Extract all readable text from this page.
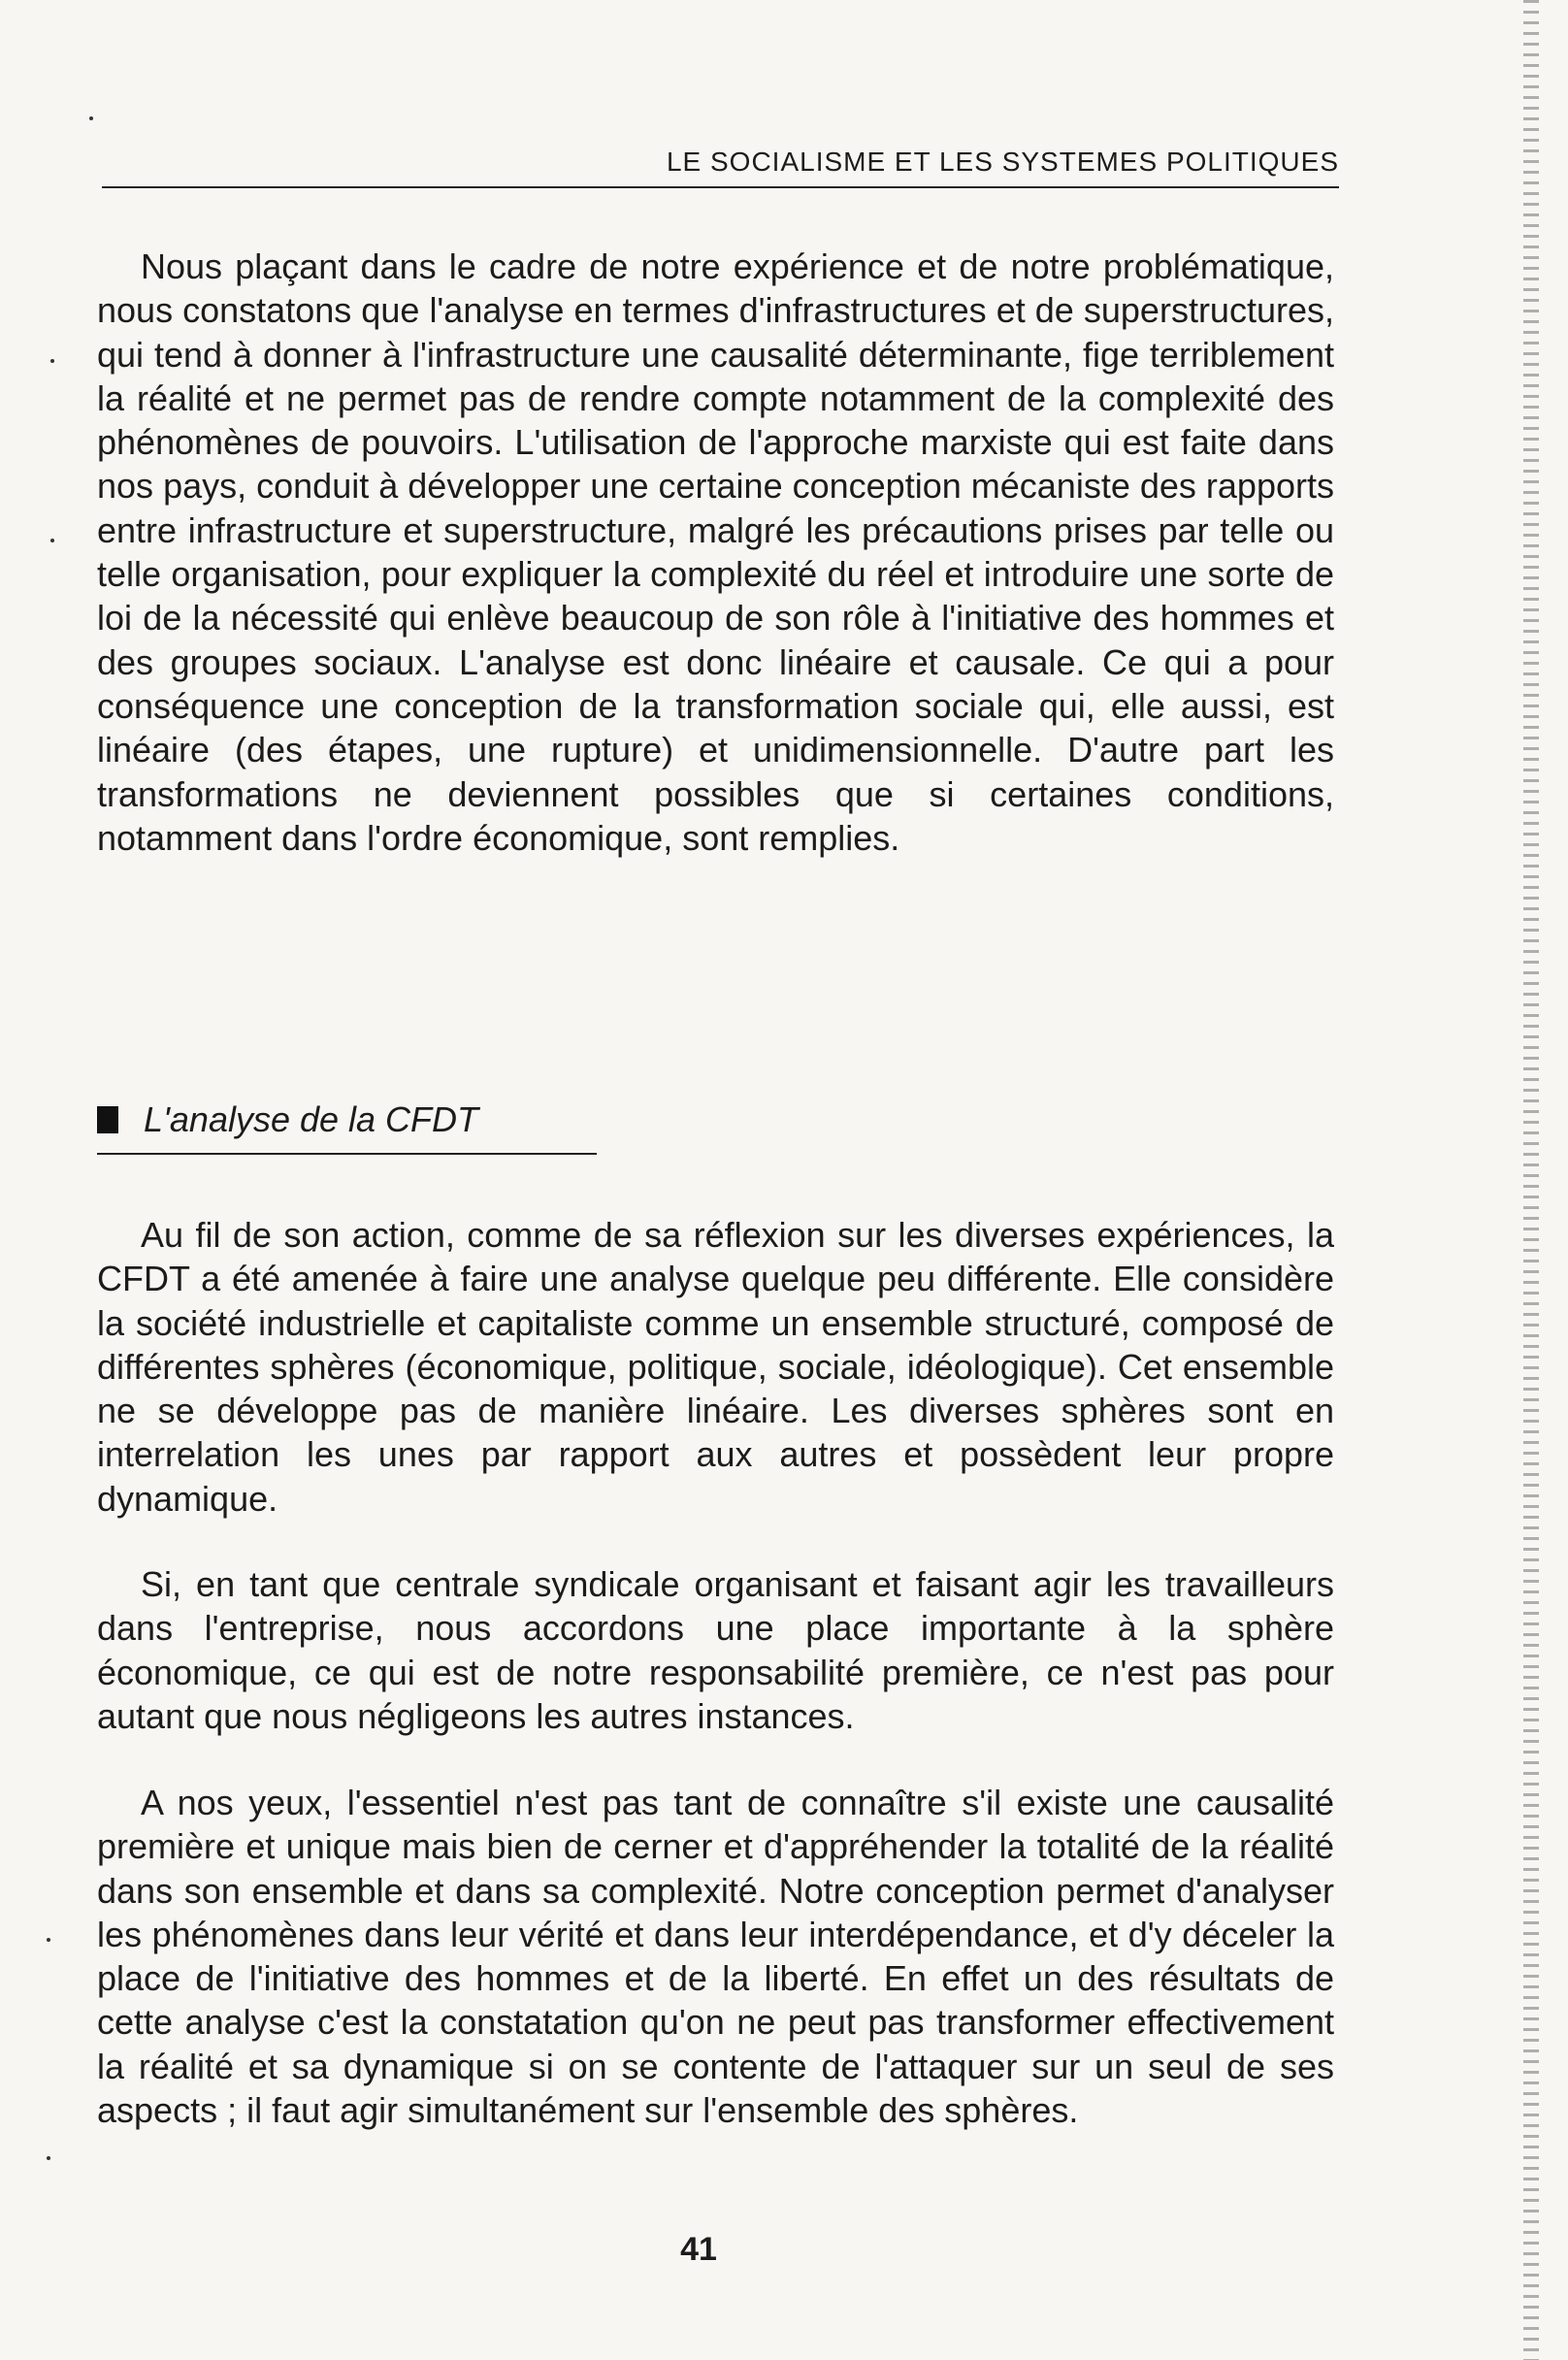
LE SOCIALISME ET LES SYSTEMES POLITIQUES

Nous plaçant dans le cadre de notre expérience et de notre problématique, nous constatons que l'analyse en termes d'infrastructures et de superstructures, qui tend à donner à l'infrastructure une causalité déterminante, fige terriblement la réalité et ne permet pas de rendre compte notamment de la complexité des phénomènes de pouvoirs. L'utilisation de l'approche marxiste qui est faite dans nos pays, conduit à développer une certaine conception mécaniste des rapports entre infrastructure et superstructure, malgré les précautions prises par telle ou telle organisation, pour expliquer la complexité du réel et introduire une sorte de loi de la nécessité qui enlève beaucoup de son rôle à l'initiative des hommes et des groupes sociaux. L'analyse est donc linéaire et causale. Ce qui a pour conséquence une conception de la transformation sociale qui, elle aussi, est linéaire (des étapes, une rupture) et unidimensionnelle. D'autre part les transformations ne deviennent possibles que si certaines conditions, notamment dans l'ordre économique, sont remplies.

L'analyse de la CFDT

Au fil de son action, comme de sa réflexion sur les diverses expériences, la CFDT a été amenée à faire une analyse quelque peu différente. Elle considère la société industrielle et capitaliste comme un ensemble structuré, composé de différentes sphères (économique, politique, sociale, idéologique). Cet ensemble ne se développe pas de manière linéaire. Les diverses sphères sont en interrelation les unes par rapport aux autres et possèdent leur propre dynamique.

Si, en tant que centrale syndicale organisant et faisant agir les travailleurs dans l'entreprise, nous accordons une place importante à la sphère économique, ce qui est de notre responsabilité première, ce n'est pas pour autant que nous négligeons les autres instances.

A nos yeux, l'essentiel n'est pas tant de connaître s'il existe une causalité première et unique mais bien de cerner et d'appréhender la totalité de la réalité dans son ensemble et dans sa complexité. Notre conception permet d'analyser les phénomènes dans leur vérité et dans leur interdépendance, et d'y déceler la place de l'initiative des hommes et de la liberté. En effet un des résultats de cette analyse c'est la constatation qu'on ne peut pas transformer effectivement la réalité et sa dynamique si on se contente de l'attaquer sur un seul de ses aspects ; il faut agir simultanément sur l'ensemble des sphères.

41
